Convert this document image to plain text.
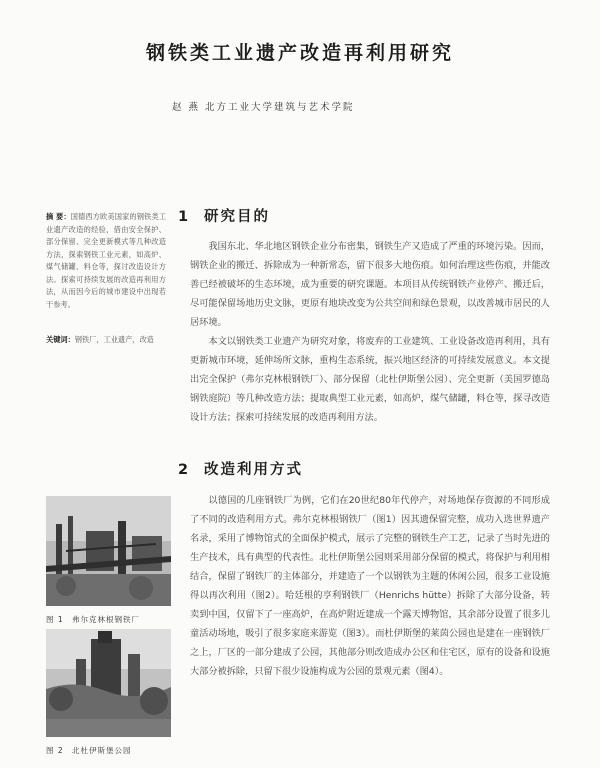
钢铁类工业遗产改造再利用研究
赵 燕 北方工业大学建筑与艺术学院
摘 要：国德西方欧美国家的钢铁类工业遗产改造的经验，借由安全保护、部分保留、完全更新模式等几种改造方法，探索钢铁工业元素，如高炉、煤气储罐、料仓等，探讨改造设计方法。探索可持续发展的改造再利用方法，从而因今后的城市建设中出现若干参考。
关键词：钢铁厂，工业遗产，改造
1 研究目的

我国东北、华北地区钢铁企业分布密集，钢铁生产又造成了严重的环境污染。因而，钢铁企业的搬迁、拆除成为一种新常态，留下很多大地伤痕。如何治理这些伤痕，并能改善已经被破坏的生态环境，成为重要的研究课题。本项目从传统钢铁产业停产、搬迁后，尽可能保留场地历史文脉，更原有地块改变为公共空间和绿色景观，以改善城市居民的人居环境。

本文以钢铁类工业遗产为研究对象，将废弃的工业建筑、工业设备改造再利用，具有更新城市环境，延伸场所文脉，重构生态系统，振兴地区经济的可持续发展意义。本文提出完全保护（弗尔克林根钢铁厂）、部分保留（北杜伊斯堡公园）、完全更新（美国罗德岛钢铁庭院）等几种改造方法；提取典型工业元素，如高炉，煤气储罐，料仓等，探寻改造设计方法；探索可持续发展的改造再利用方法。

2 改造利用方式

以德国的几座钢铁厂为例，它们在20世纪80年代停产，对场地保存资源的不同形成了不同的改造利用方式。弗尔克林根钢铁厂（图1）因其遗保留完整，成功入选世界遗产名录，采用了博物馆式的全面保护模式，展示了完整的钢铁生产工艺，记录了当时先进的生产技术，具有典型的代表性。北杜伊斯堡公园则采用部分保留的模式，将保护与利用相结合，保留了钢铁厂的主体部分，并建造了一个以钢铁为主题的休闲公园，很多工业设施得以再次利用（图2）。哈廷根的亨利钢铁厂（Henrichs hütte）拆除了大部分设备，转卖到中国，仅留下了一座高炉，在高炉附近建成一个露天博物馆，其余部分设置了很多儿童活动场地，吸引了很多家庭来游览（图3）。而杜伊斯堡的莱茵公园也是建在一座钢铁厂之上，厂区的一部分建成了公园，其他部分则改造成办公区和住宅区，原有的设备和设施大部分被拆除，只留下很少设施构成为公园的景观元素（图4）。

图 1 弗尔克林根钢铁厂
图 2 北杜伊斯堡公园
